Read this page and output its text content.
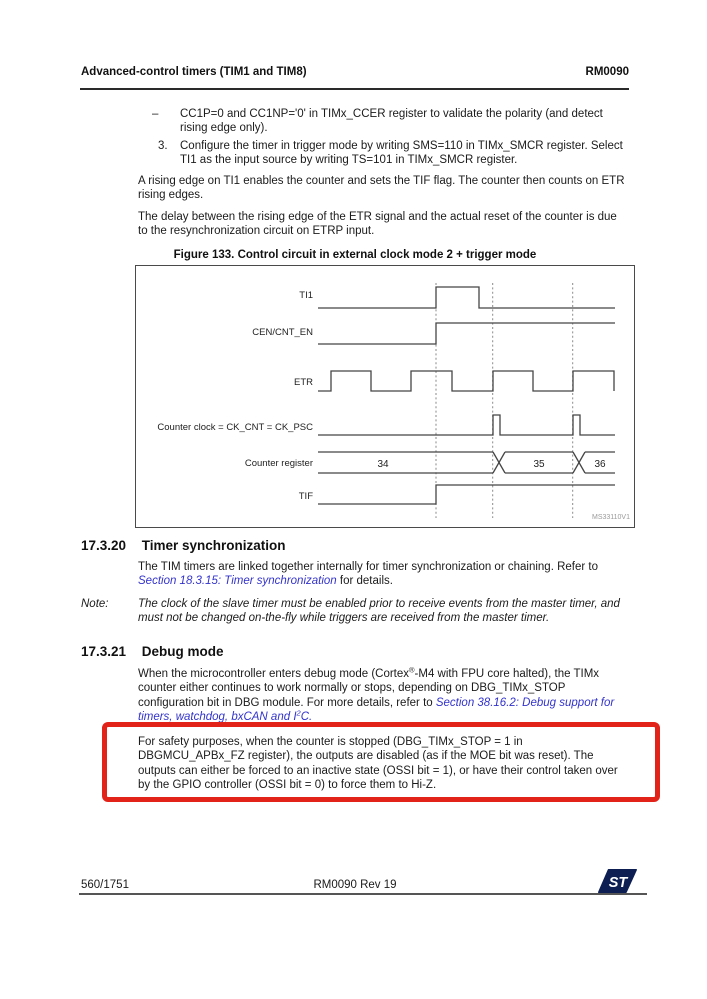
Advanced-control timers (TIM1 and TIM8)	RM0090
– CC1P=0 and CC1NP='0' in TIMx_CCER register to validate the polarity (and detect rising edge only).
3. Configure the timer in trigger mode by writing SMS=110 in TIMx_SMCR register. Select TI1 as the input source by writing TS=101 in TIMx_SMCR register.
A rising edge on TI1 enables the counter and sets the TIF flag. The counter then counts on ETR rising edges.
The delay between the rising edge of the ETR signal and the actual reset of the counter is due to the resynchronization circuit on ETRP input.
Figure 133. Control circuit in external clock mode 2 + trigger mode
TI1
CEN/CNT_EN
ETR
Counter clock = CK_CNT = CK_PSC
Counter register	34	35	36
TIF
MS33110V1
17.3.20 Timer synchronization
The TIM timers are linked together internally for timer synchronization or chaining. Refer to Section 18.3.15: Timer synchronization for details.
Note:	The clock of the slave timer must be enabled prior to receive events from the master timer, and must not be changed on-the-fly while triggers are received from the master timer.
17.3.21 Debug mode
When the microcontroller enters debug mode (Cortex®-M4 with FPU core halted), the TIMx counter either continues to work normally or stops, depending on DBG_TIMx_STOP configuration bit in DBG module. For more details, refer to Section 38.16.2: Debug support for timers, watchdog, bxCAN and $I^2C$.
For safety purposes, when the counter is stopped (DBG_TIMx_STOP = 1 in DBGMCU_APBx_FZ register), the outputs are disabled (as if the MOE bit was reset). The outputs can either be forced to an inactive state (OSSI bit = 1), or have their control taken over by the GPIO controller (OSSI bit = 0) to force them to Hi-Z.
560/1751	RM0090 Rev 19	ST
